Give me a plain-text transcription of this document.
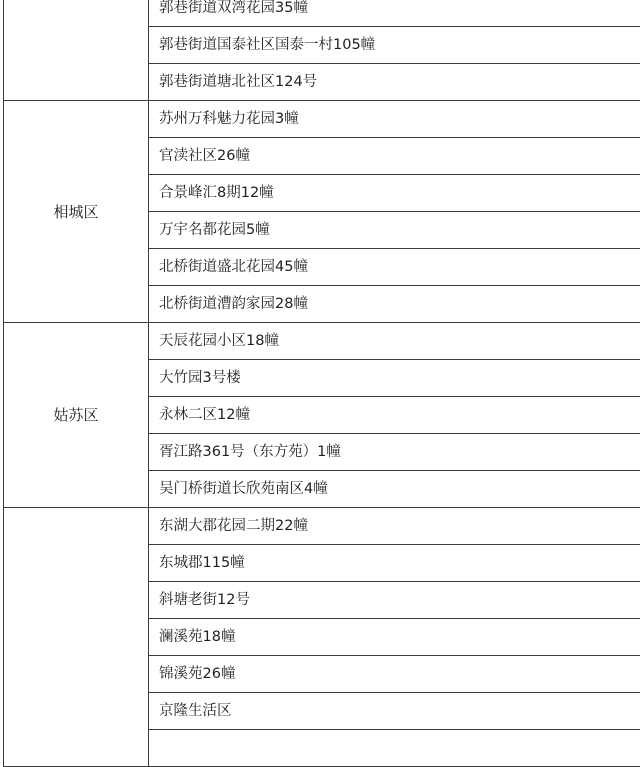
	郭巷街道双湾花园35幢
	郭巷街道国泰社区国泰一村105幢
	郭巷街道塘北社区124号
相城区	苏州万科魅力花园3幢
	官渎社区26幢
	合景峰汇8期12幢
	万宇名都花园5幢
	北桥街道盛北花园45幢
	北桥街道漕韵家园28幢
姑苏区	天辰花园小区18幢
	大竹园3号楼
	永林二区12幢
	胥江路361号（东方苑）1幢
	吴门桥街道长欣苑南区4幢
	东湖大郡花园二期22幢
	东城郡115幢
	斜塘老街12号
	澜溪苑18幢
	锦溪苑26幢
	京隆生活区
